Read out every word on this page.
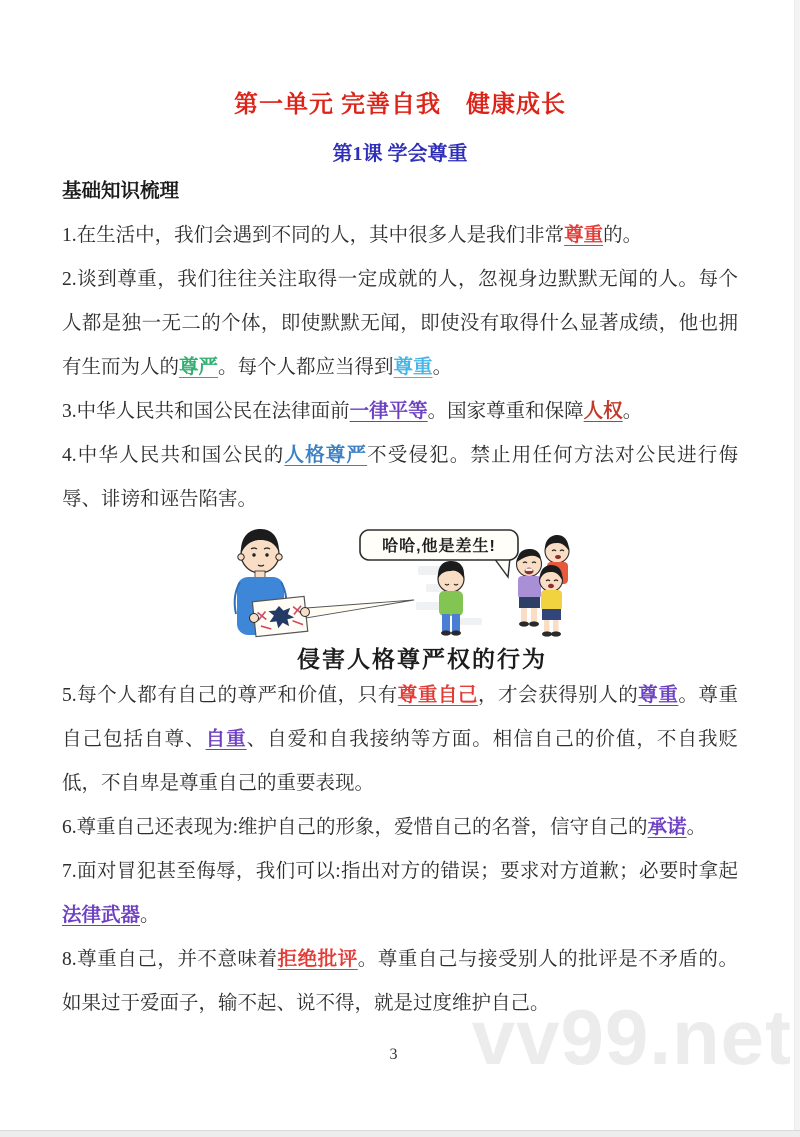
第一单元 完善自我　健康成长
第1课 学会尊重

基础知识梳理

1.在生活中，我们会遇到不同的人，其中很多人是我们非常尊重的。

2.谈到尊重，我们往往关注取得一定成就的人，忽视身边默默无闻的人。每个人都是独一无二的个体，即使默默无闻，即使没有取得什么显著成绩，他也拥有生而为人的尊严。每个人都应当得到尊重。

3.中华人民共和国公民在法律面前一律平等。国家尊重和保障人权。

4.中华人民共和国公民的人格尊严不受侵犯。禁止用任何方法对公民进行侮辱、诽谤和诬告陷害。

哈哈,他是差生!
侵害人格尊严权的行为

5.每个人都有自己的尊严和价值，只有尊重自己，才会获得别人的尊重。尊重自己包括自尊、自重、自爱和自我接纳等方面。相信自己的价值，不自我贬低，不自卑是尊重自己的重要表现。

6.尊重自己还表现为:维护自己的形象，爱惜自己的名誉，信守自己的承诺。

7.面对冒犯甚至侮辱，我们可以:指出对方的错误；要求对方道歉；必要时拿起法律武器。

8.尊重自己，并不意味着拒绝批评。尊重自己与接受别人的批评是不矛盾的。如果过于爱面子，输不起、说不得，就是过度维护自己。

vv99.net
3
